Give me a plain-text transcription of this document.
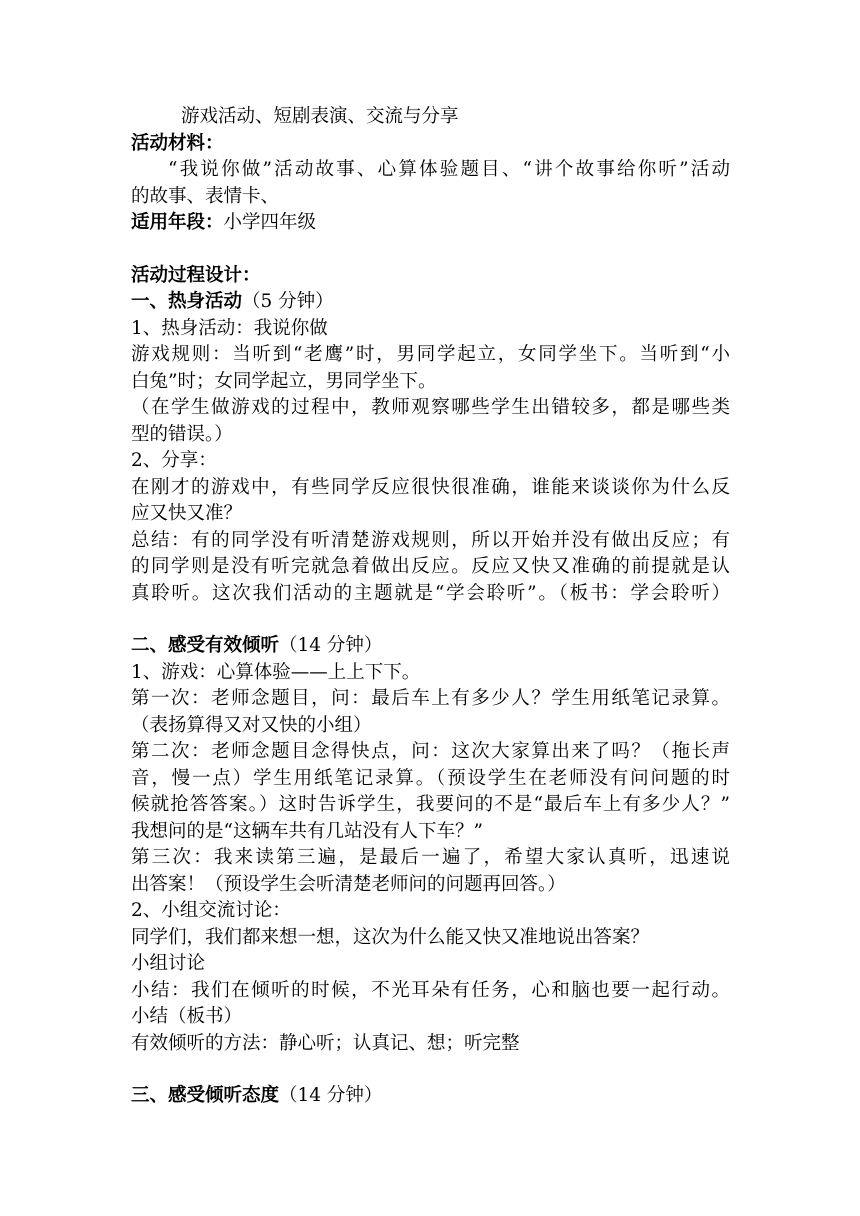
游戏活动、短剧表演、交流与分享
活动材料：
“我说你做”活动故事、心算体验题目、“讲个故事给你听”活动
的故事、表情卡、
适用年段：小学四年级
活动过程设计：
一、热身活动（5 分钟）
1、热身活动：我说你做
游戏规则：当听到“老鹰”时，男同学起立，女同学坐下。当听到“小
白兔”时；女同学起立，男同学坐下。
（在学生做游戏的过程中，教师观察哪些学生出错较多，都是哪些类
型的错误。）
2、分享：
在刚才的游戏中，有些同学反应很快很准确，谁能来谈谈你为什么反
应又快又准？
总结：有的同学没有听清楚游戏规则，所以开始并没有做出反应；有
的同学则是没有听完就急着做出反应。反应又快又准确的前提就是认
真聆听。这次我们活动的主题就是“学会聆听”。（板书：学会聆听）
二、感受有效倾听（14 分钟）
1、游戏：心算体验——上上下下。
第一次：老师念题目，问：最后车上有多少人？学生用纸笔记录算。
（表扬算得又对又快的小组）
第二次：老师念题目念得快点，问：这次大家算出来了吗？（拖长声
音，慢一点）学生用纸笔记录算。（预设学生在老师没有问问题的时
候就抢答答案。）这时告诉学生，我要问的不是“最后车上有多少人？”
我想问的是“这辆车共有几站没有人下车？”
第三次：我来读第三遍，是最后一遍了，希望大家认真听，迅速说
出答案！（预设学生会听清楚老师问的问题再回答。）
2、小组交流讨论：
同学们，我们都来想一想，这次为什么能又快又准地说出答案？
小组讨论
小结：我们在倾听的时候，不光耳朵有任务，心和脑也要一起行动。
小结（板书）
有效倾听的方法：静心听；认真记、想；听完整
三、感受倾听态度（14 分钟）
